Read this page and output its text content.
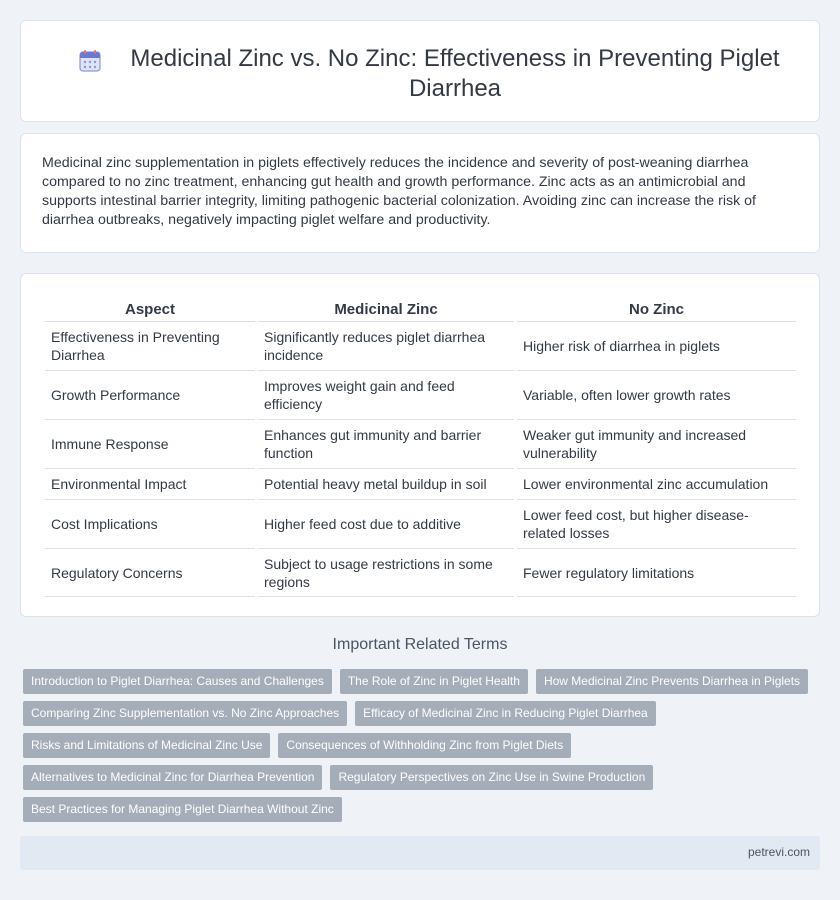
Medicinal Zinc vs. No Zinc: Effectiveness in Preventing Piglet Diarrhea

Medicinal zinc supplementation in piglets effectively reduces the incidence and severity of post-weaning diarrhea compared to no zinc treatment, enhancing gut health and growth performance. Zinc acts as an antimicrobial and supports intestinal barrier integrity, limiting pathogenic bacterial colonization. Avoiding zinc can increase the risk of diarrhea outbreaks, negatively impacting piglet welfare and productivity.

Aspect	Medicinal Zinc	No Zinc
Effectiveness in Preventing Diarrhea	Significantly reduces piglet diarrhea incidence	Higher risk of diarrhea in piglets
Growth Performance	Improves weight gain and feed efficiency	Variable, often lower growth rates
Immune Response	Enhances gut immunity and barrier function	Weaker gut immunity and increased vulnerability
Environmental Impact	Potential heavy metal buildup in soil	Lower environmental zinc accumulation
Cost Implications	Higher feed cost due to additive	Lower feed cost, but higher disease-related losses
Regulatory Concerns	Subject to usage restrictions in some regions	Fewer regulatory limitations
Important Related Terms
Introduction to Piglet Diarrhea: Causes and Challenges	The Role of Zinc in Piglet Health	How Medicinal Zinc Prevents Diarrhea in Piglets
Comparing Zinc Supplementation vs. No Zinc Approaches	Efficacy of Medicinal Zinc in Reducing Piglet Diarrhea
Risks and Limitations of Medicinal Zinc Use	Consequences of Withholding Zinc from Piglet Diets
Alternatives to Medicinal Zinc for Diarrhea Prevention	Regulatory Perspectives on Zinc Use in Swine Production
Best Practices for Managing Piglet Diarrhea Without Zinc
petrevi.com
